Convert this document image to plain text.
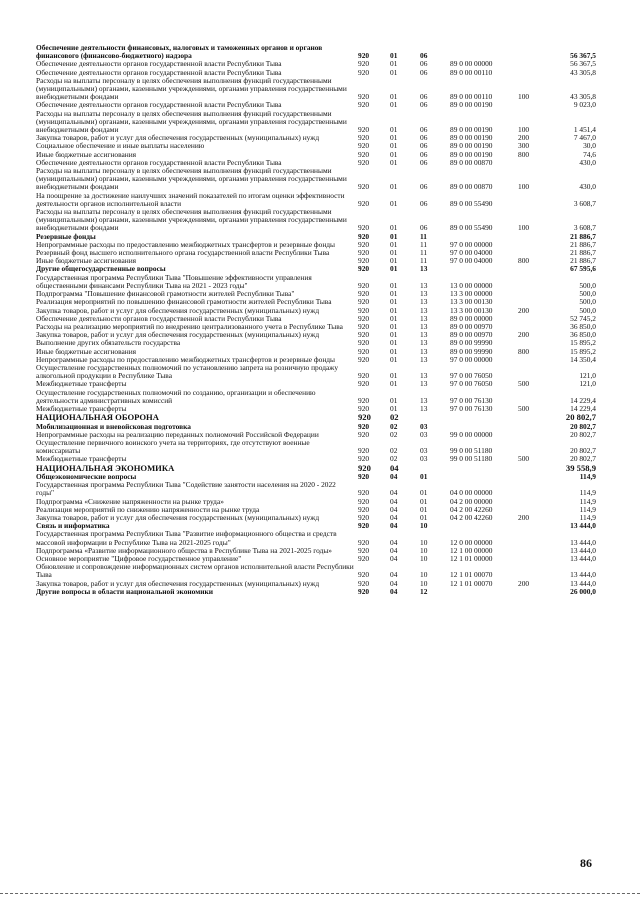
Обеспечение деятельности финансовых, налоговых и таможенных органов и органов финансового (финансово-бюджетного) надзора	920	01	06	56 367,5
Обеспечение деятельности органов государственной власти Республики Тыва	920	01	06	89 0 00 00000	56 367,5
Обеспечение деятельности органов государственной власти Республики Тыва	920	01	06	89 0 00 00110	43 305,8
Расходы на выплаты персоналу в целях обеспечения выполнения функций государственными (муниципальными) органами, казенными учреждениями, органами управления государственными внебюджетными фондами	920	01	06	89 0 00 00110	100	43 305,8
Обеспечение деятельности органов государственной власти Республики Тыва	920	01	06	89 0 00 00190	9 023,0
Расходы на выплаты персоналу в целях обеспечения выполнения функций государственными (муниципальными) органами, казенными учреждениями, органами управления государственными внебюджетными фондами	920	01	06	89 0 00 00190	100	1 451,4
Закупка товаров, работ и услуг для обеспечения государственных (муниципальных) нужд	920	01	06	89 0 00 00190	200	7 467,0
Социальное обеспечение и иные выплаты населению	920	01	06	89 0 00 00190	300	30,0
Иные бюджетные ассигнования	920	01	06	89 0 00 00190	800	74,6
Обеспечение деятельности органов государственной власти Республики Тыва	920	01	06	89 0 00 00870	430,0
Расходы на выплаты персоналу в целях обеспечения выполнения функций государственными (муниципальными) органами, казенными учреждениями, органами управления государственными внебюджетными фондами	920	01	06	89 0 00 00870	100	430,0
На поощрение за достижение наилучших значений показателей по итогам оценки эффективности деятельности органов исполнительной власти	920	01	06	89 0 00 55490	3 608,7
Расходы на выплаты персоналу в целях обеспечения выполнения функций государственными (муниципальными) органами, казенными учреждениями, органами управления государственными внебюджетными фондами	920	01	06	89 0 00 55490	100	3 608,7
Резервные фонды	920	01	11	21 886,7
Непрограммные расходы по предоставлению межбюджетных трансфертов и резервные фонды	920	01	11	97 0 00 00000	21 886,7
Резервный фонд высшего исполнительного органа государственной власти Республики Тыва	920	01	11	97 0 00 04000	21 886,7
Иные бюджетные ассигнования	920	01	11	97 0 00 04000	800	21 886,7
Другие общегосударственные вопросы	920	01	13	67 595,6
Государственная программа Республики Тыва "Повышение эффективности управления общественными финансами Республики Тыва на 2021 - 2023 годы"	920	01	13	13 0 00 00000	500,0
Подпрограмма "Повышение финансовой грамотности жителей Республики Тыва"	920	01	13	13 3 00 00000	500,0
Реализация мероприятий по повышению финансовой грамотности жителей Республики Тыва	920	01	13	13 3 00 00130	500,0
Закупка товаров, работ и услуг для обеспечения государственных (муниципальных) нужд	920	01	13	13 3 00 00130	200	500,0
Обеспечение деятельности органов государственной власти Республики Тыва	920	01	13	89 0 00 00000	52 745,2
Расходы на реализацию мероприятий по внедрению централизованного учета в Республике Тыва	920	01	13	89 0 00 00970	36 850,0
Закупка товаров, работ и услуг для обеспечения государственных (муниципальных) нужд	920	01	13	89 0 00 00970	200	36 850,0
Выполнение других обязательств государства	920	01	13	89 0 00 99990	15 895,2
Иные бюджетные ассигнования	920	01	13	89 0 00 99990	800	15 895,2
Непрограммные расходы по предоставлению межбюджетных трансфертов и резервные фонды	920	01	13	97 0 00 00000	14 350,4
Осуществление государственных полномочий по установлению запрета на розничную продажу алкогольной продукции в Республике Тыва	920	01	13	97 0 00 76050	121,0
Межбюджетные трансферты	920	01	13	97 0 00 76050	500	121,0
Осуществление государственных полномочий по созданию, организации и обеспечению деятельности административных комиссий	920	01	13	97 0 00 76130	14 229,4
Межбюджетные трансферты	920	01	13	97 0 00 76130	500	14 229,4
НАЦИОНАЛЬНАЯ ОБОРОНА	920	02	20 802,7
Мобилизационная и вневойсковая подготовка	920	02	03	20 802,7
Непрограммные расходы на реализацию переданных полномочий Российской Федерации	920	02	03	99 0 00 00000	20 802,7
Осуществление первичного воинского учета на территориях, где отсутствуют военные комиссариаты	920	02	03	99 0 00 51180	20 802,7
Межбюджетные трансферты	920	02	03	99 0 00 51180	500	20 802,7
НАЦИОНАЛЬНАЯ ЭКОНОМИКА	920	04	39 558,9
Общеэкономические вопросы	920	04	01	114,9
Государственная программа Республики Тыва "Содействие занятости населения на 2020 - 2022 годы"	920	04	01	04 0 00 00000	114,9
Подпрограмма «Снижение напряженности на рынке труда»	920	04	01	04 2 00 00000	114,9
Реализация мероприятий по снижению напряженности на рынке труда	920	04	01	04 2 00 42260	114,9
Закупка товаров, работ и услуг для обеспечения государственных (муниципальных) нужд	920	04	01	04 2 00 42260	200	114,9
Связь и информатика	920	04	10	13 444,0
Государственная программа Республики Тыва "Развитие информационного общества и средств массовой информации в Республике Тыва на 2021-2025 годы"	920	04	10	12 0 00 00000	13 444,0
Подпрограмма «Развитие информационного общества в Республике Тыва на 2021-2025 годы»	920	04	10	12 1 00 00000	13 444,0
Основное мероприятие "Цифровое государственное управление"	920	04	10	12 1 01 00000	13 444,0
Обновление и сопровождение информационных систем органов исполнительной власти Республики Тыва	920	04	10	12 1 01 00070	13 444,0
Закупка товаров, работ и услуг для обеспечения государственных (муниципальных) нужд	920	04	10	12 1 01 00070	200	13 444,0
Другие вопросы в области национальной экономики	920	04	12	26 000,0
86
